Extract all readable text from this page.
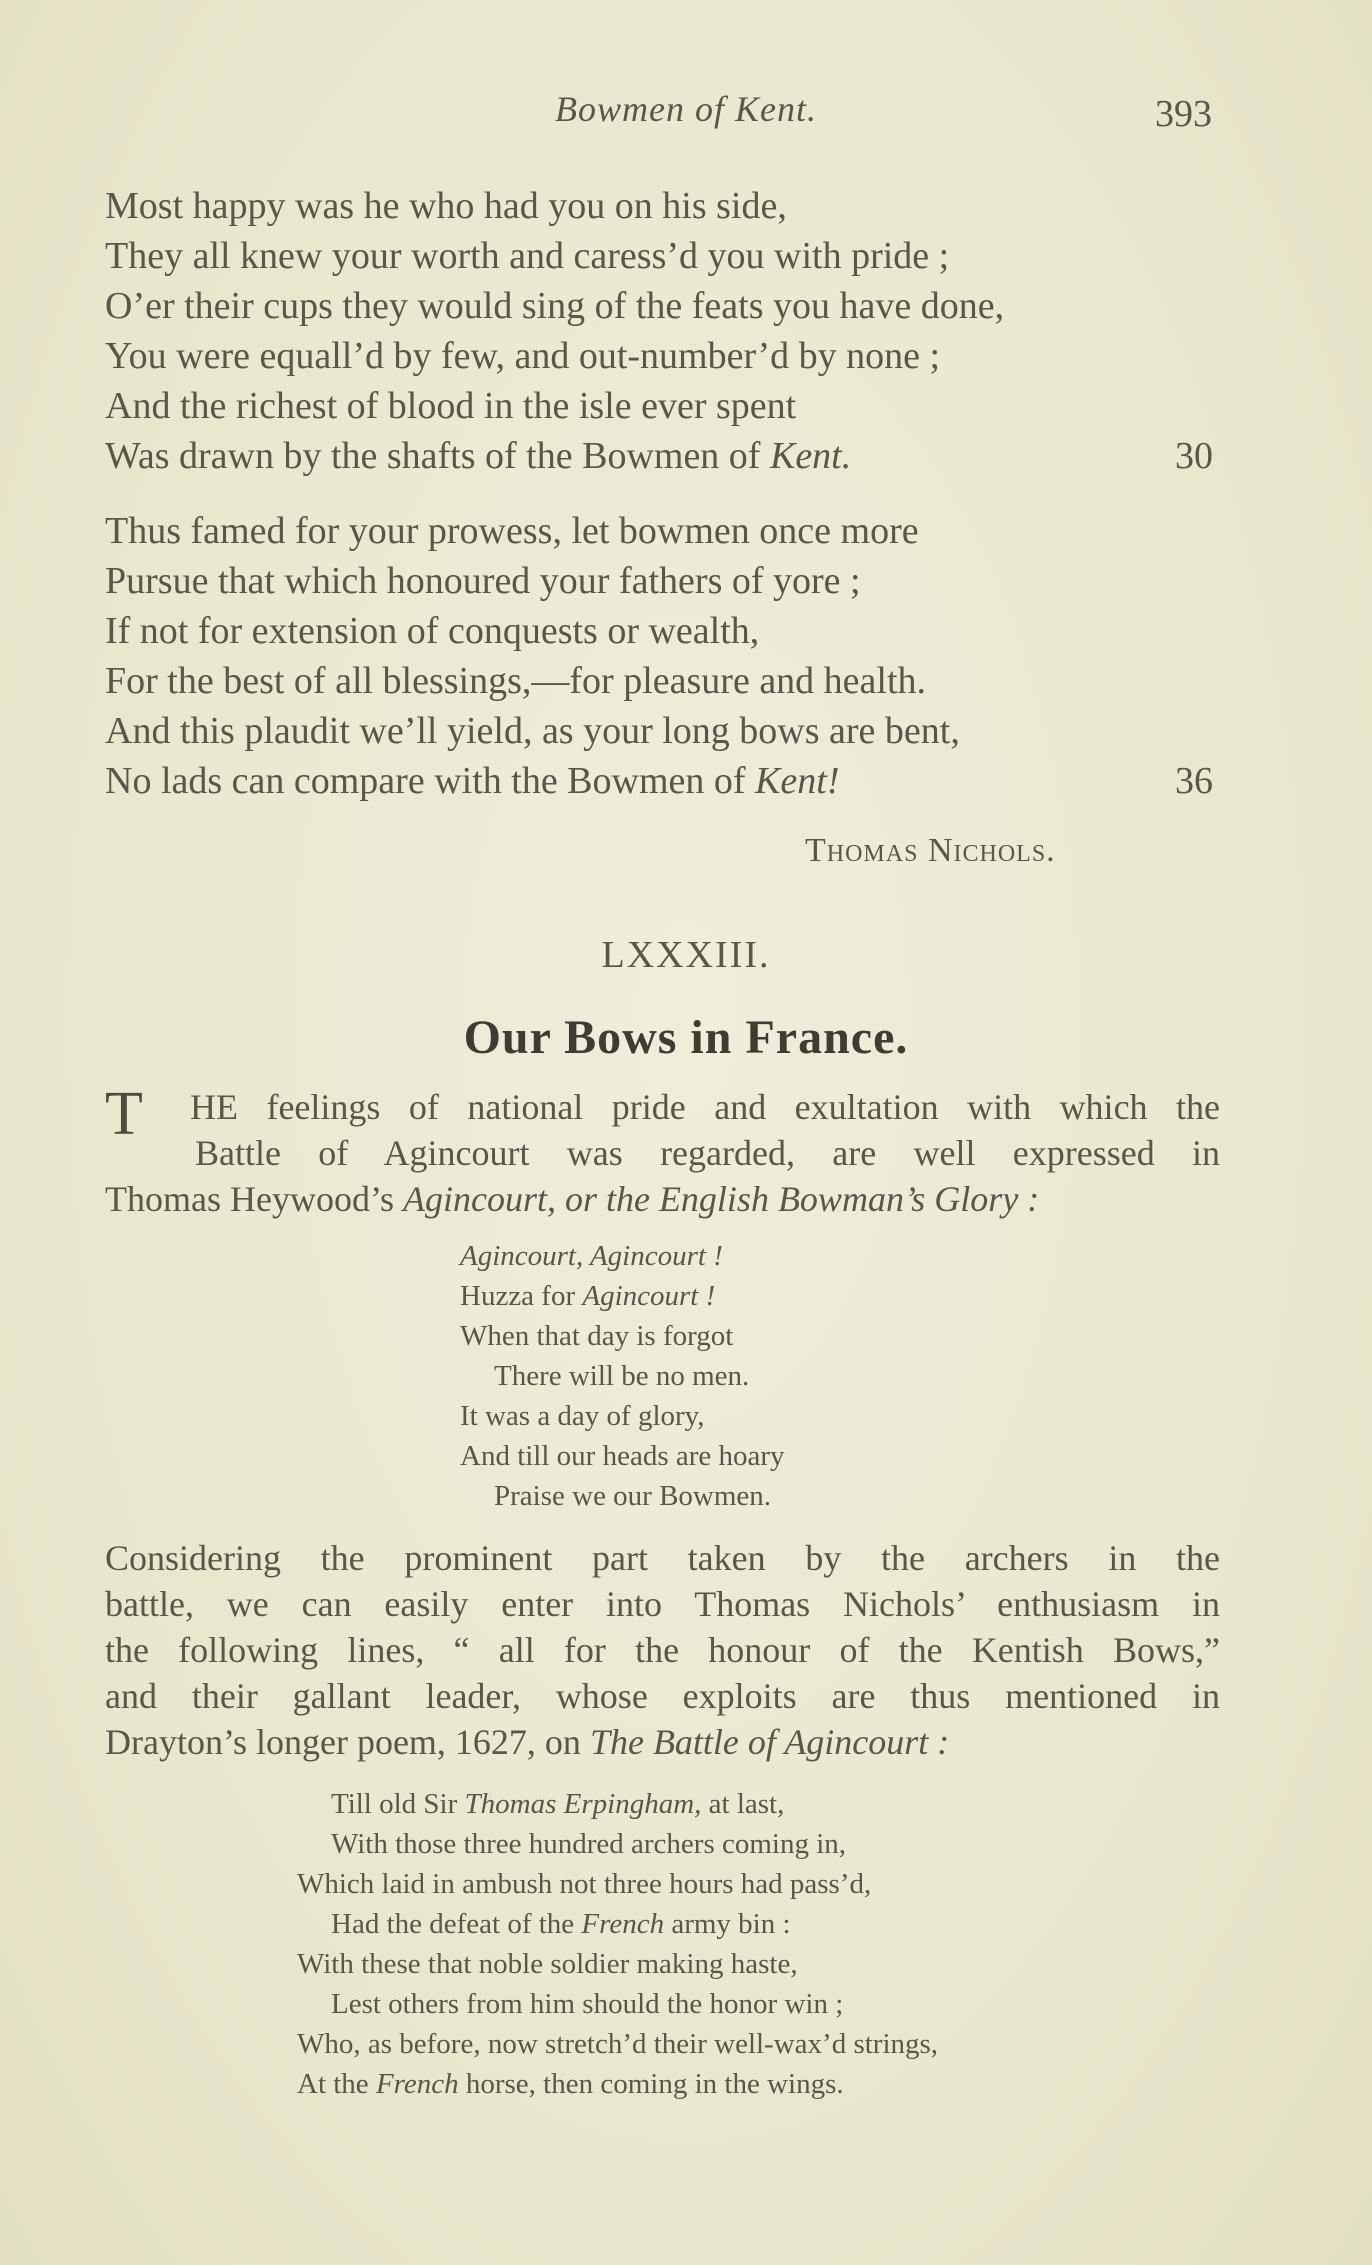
Bowmen of Kent.	393
Most happy was he who had you on his side,
They all knew your worth and caress’d you with pride ;
O’er their cups they would sing of the feats you have done,
You were equall’d by few, and out-number’d by none ;
And the richest of blood in the isle ever spent
Was drawn by the shafts of the Bowmen of Kent.	30
Thus famed for your prowess, let bowmen once more
Pursue that which honoured your fathers of yore ;
If not for extension of conquests or wealth,
For the best of all blessings,—for pleasure and health.
And this plaudit we’ll yield, as your long bows are bent,
No lads can compare with the Bowmen of Kent!	36
Thomas Nichols.
LXXXIII.
Our Bows in France.
T	HE feelings of national pride and exultation with which the
Battle of Agincourt was regarded, are well expressed in
Thomas Heywood’s Agincourt, or the English Bowman’s Glory :
Agincourt, Agincourt !
Huzza for Agincourt !
When that day is forgot
There will be no men.
It was a day of glory,
And till our heads are hoary
Praise we our Bowmen.
Considering the prominent part taken by the archers in the
battle, we can easily enter into Thomas Nichols’ enthusiasm in
the following lines, “ all for the honour of the Kentish Bows,”
and their gallant leader, whose exploits are thus mentioned in
Drayton’s longer poem, 1627, on The Battle of Agincourt :
Till old Sir Thomas Erpingham, at last,
With those three hundred archers coming in,
Which laid in ambush not three hours had pass’d,
Had the defeat of the French army bin :
With these that noble soldier making haste,
Lest others from him should the honor win ;
Who, as before, now stretch’d their well-wax’d strings,
At the French horse, then coming in the wings.
